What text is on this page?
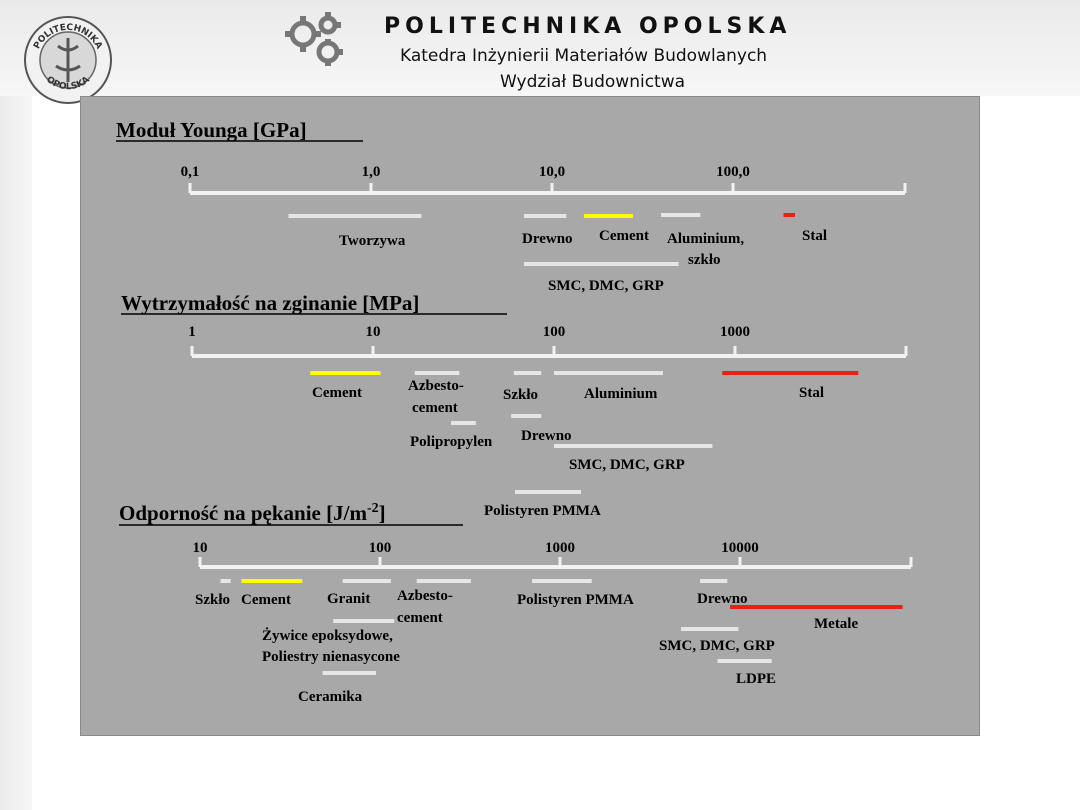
POLITECHNIKA
OPOLSKA
POLITECHNIKA OPOLSKA
Katedra Inżynierii Materiałów Budowlanych
Wydział Budownictwa
Moduł Younga [GPa]
0,1	1,0	10,0	100,0
Tworzywa	Drewno Cement Aluminium,
szkło
Stal
SMC, DMC, GRP
Wytrzymałość na zginanie [MPa]
1	10	100	1000
Cement	Azbesto-
cement
Polipropylen
Szkło	Aluminium
Drewno
SMC, DMC, GRP
Stal
Polistyren PMMA
Odporność na pękanie $[J/m^{-2}]$
10	100	1000	10000
Szkło Cement Granit Azbesto-
cement
Żywice epoksydowe,
Poliestry nienasycone
Ceramika
Polistyren PMMA	Drewno
Metale
SMC, DMC, GRP
LDPE
